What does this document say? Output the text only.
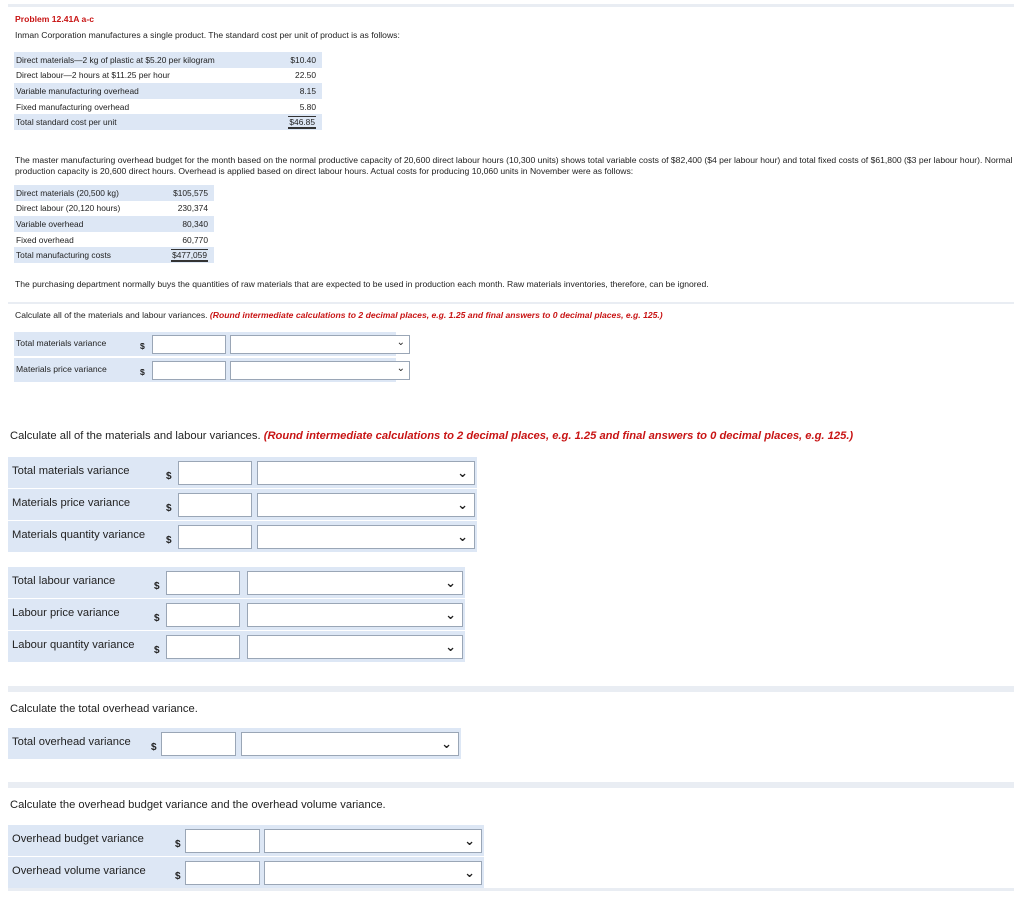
Problem 12.41A a-c
Inman Corporation manufactures a single product. The standard cost per unit of product is as follows:
Direct materials—2 kg of plastic at $5.20 per kilogram	$10.40
Direct labour—2 hours at $11.25 per hour	22.50
Variable manufacturing overhead	8.15
Fixed manufacturing overhead	5.80
Total standard cost per unit	$46.85
The master manufacturing overhead budget for the month based on the normal productive capacity of 20,600 direct labour hours (10,300 units) shows total variable costs of $82,400 ($4 per labour hour) and total fixed costs of $61,800 ($3 per labour hour). Normal production capacity is 20,600 direct hours. Overhead is applied based on direct labour hours. Actual costs for producing 10,060 units in November were as follows:
Direct materials (20,500 kg)	$105,575
Direct labour (20,120 hours)	230,374
Variable overhead	80,340
Fixed overhead	60,770
Total manufacturing costs	$477,059
The purchasing department normally buys the quantities of raw materials that are expected to be used in production each month. Raw materials inventories, therefore, can be ignored.
Calculate all of the materials and labour variances. (Round intermediate calculations to 2 decimal places, e.g. 1.25 and final answers to 0 decimal places, e.g. 125.)
Total materials variance	$	⌄
Materials price variance	$	⌄
Calculate all of the materials and labour variances. (Round intermediate calculations to 2 decimal places, e.g. 1.25 and final answers to 0 decimal places, e.g. 125.)
Total materials variance	$	⌄
Materials price variance	$	⌄
Materials quantity variance $	⌄
Total labour variance	$	⌄
Labour price variance	$	⌄
Labour quantity variance $	⌄
Calculate the total overhead variance.
Total overhead variance $	⌄
Calculate the overhead budget variance and the overhead volume variance.
Overhead budget variance	$	⌄
Overhead volume variance	$	⌄
